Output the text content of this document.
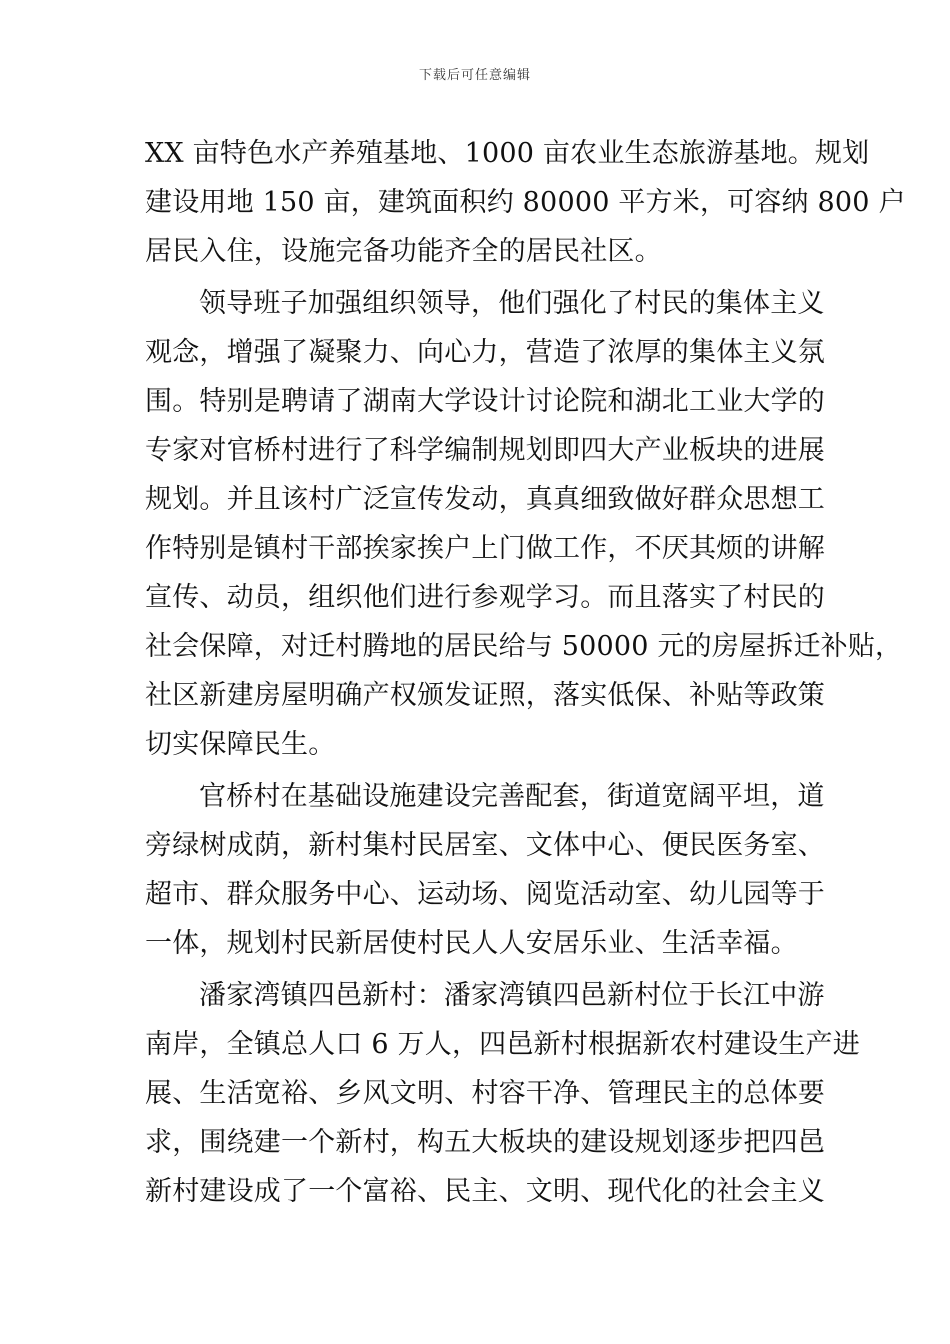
下载后可任意编辑
XX 亩特色水产养殖基地、1000 亩农业生态旅游基地。规划
建设用地 150 亩，建筑面积约 80000 平方米，可容纳 800 户
居民入住，设施完备功能齐全的居民社区。
领导班子加强组织领导，他们强化了村民的集体主义
观念，增强了凝聚力、向心力，营造了浓厚的集体主义氛
围。特别是聘请了湖南大学设计讨论院和湖北工业大学的
专家对官桥村进行了科学编制规划即四大产业板块的进展
规划。并且该村广泛宣传发动，真真细致做好群众思想工
作特别是镇村干部挨家挨户上门做工作，不厌其烦的讲解
宣传、动员，组织他们进行参观学习。而且落实了村民的
社会保障，对迁村腾地的居民给与 50000 元的房屋拆迁补贴，
社区新建房屋明确产权颁发证照，落实低保、补贴等政策
切实保障民生。
官桥村在基础设施建设完善配套，街道宽阔平坦，道
旁绿树成荫，新村集村民居室、文体中心、便民医务室、
超市、群众服务中心、运动场、阅览活动室、幼儿园等于
一体，规划村民新居使村民人人安居乐业、生活幸福。
潘家湾镇四邑新村：潘家湾镇四邑新村位于长江中游
南岸，全镇总人口 6 万人，四邑新村根据新农村建设生产进
展、生活宽裕、乡风文明、村容干净、管理民主的总体要
求，围绕建一个新村，构五大板块的建设规划逐步把四邑
新村建设成了一个富裕、民主、文明、现代化的社会主义
